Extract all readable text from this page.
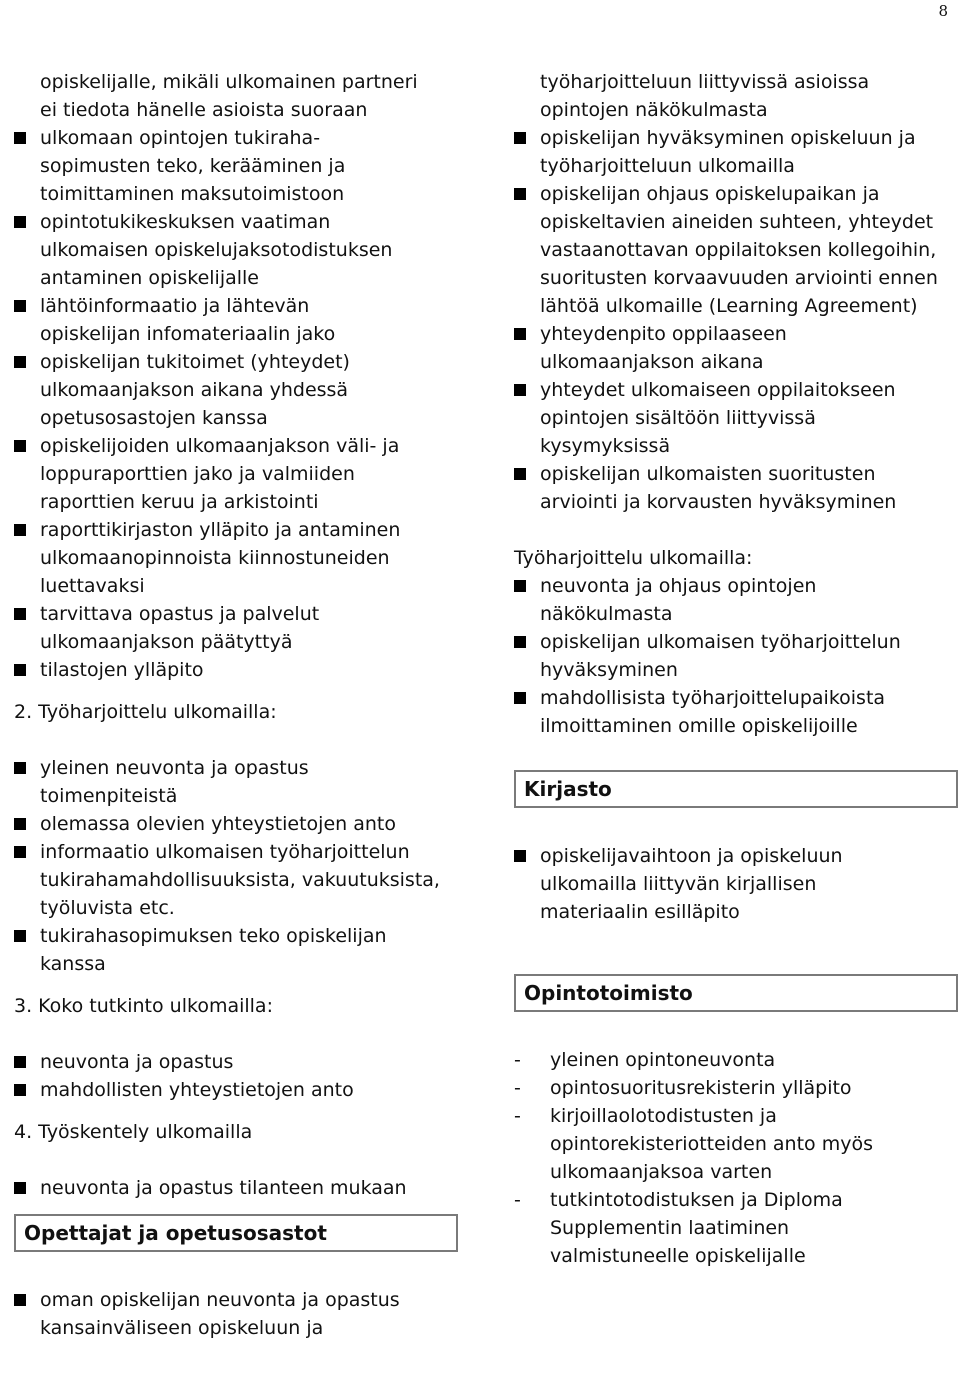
8
opiskelijalle, mikäli ulkomainen partneri
ei tiedota hänelle asioista suoraan
ulkomaan opintojen tukiraha-sopimusten teko, kerääminen ja toimittaminen maksutoimistoon
opintotukikeskuksen vaatiman ulkomaisen opiskelujaksotodistuksen antaminen opiskelijalle
lähtöinformaatio ja lähtevän opiskelijan infomateriaalin jako
opiskelijan tukitoimet (yhteydet) ulkomaanjakson aikana yhdessä opetusosastojen kanssa
opiskelijoiden ulkomaanjakson väli- ja loppuraporttien jako ja valmiiden raporttien keruu ja arkistointi
raporttikirjaston ylläpito ja antaminen ulkomaanopinnoista kiinnostuneiden luettavaksi
tarvittava opastus ja palvelut ulkomaanjakson päätyttyä
tilastojen ylläpito
2. Työharjoittelu ulkomailla:
yleinen neuvonta ja opastus toimenpiteistä
olemassa olevien yhteystietojen anto
informaatio ulkomaisen työharjoittelun tukirahamahdollisuuksista, vakuutuksista, työluvista etc.
tukirahasopimuksen teko opiskelijan kanssa
3. Koko tutkinto ulkomailla:
neuvonta ja opastus
mahdollisten yhteystietojen anto
4. Työskentely ulkomailla
neuvonta ja opastus tilanteen mukaan
Opettajat ja opetusosastot
oman opiskelijan neuvonta ja opastus kansainväliseen opiskeluun ja
työharjoitteluun liittyvissä asioissa
opintojen näkökulmasta
opiskelijan hyväksyminen opiskeluun ja työharjoitteluun ulkomailla
opiskelijan ohjaus opiskelupaikan ja opiskeltavien aineiden suhteen, yhteydet vastaanottavan oppilaitoksen kollegoihin, suoritusten korvaavuuden arviointi ennen lähtöä ulkomaille (Learning Agreement)
yhteydenpito oppilaaseen ulkomaanjakson aikana
yhteydet ulkomaiseen oppilaitokseen opintojen sisältöön liittyvissä kysymyksissä
opiskelijan ulkomaisten suoritusten arviointi ja korvausten hyväksyminen
Työharjoittelu ulkomailla:
neuvonta ja ohjaus opintojen näkökulmasta
opiskelijan ulkomaisen työharjoittelun hyväksyminen
mahdollisista työharjoittelupaikoista ilmoittaminen omille opiskelijoille
Kirjasto
opiskelijavaihtoon ja opiskeluun ulkomailla liittyvän kirjallisen materiaalin esilläpito
Opintotoimisto
- yleinen opintoneuvonta
- opintosuoritusrekisterin ylläpito
- kirjoillaolotodistusten ja opintorekisteriotteiden anto myös ulkomaanjaksoa varten
- tutkintotodistuksen ja Diploma Supplementin laatiminen valmistuneelle opiskelijalle
